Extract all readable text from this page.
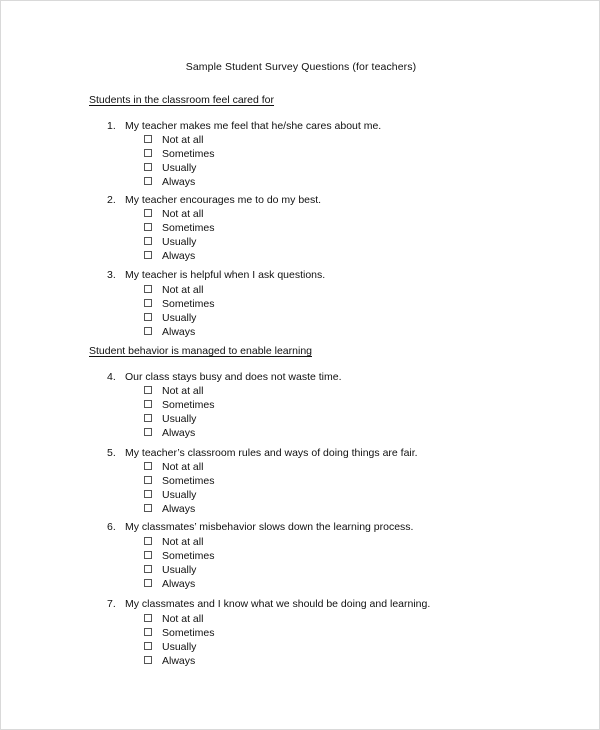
Sample Student Survey Questions (for teachers)
Students in the classroom feel cared for
1. My teacher makes me feel that he/she cares about me.
Not at all
Sometimes
Usually
Always
2. My teacher encourages me to do my best.
Not at all
Sometimes
Usually
Always
3. My teacher is helpful when I ask questions.
Not at all
Sometimes
Usually
Always
Student behavior is managed to enable learning
4. Our class stays busy and does not waste time.
Not at all
Sometimes
Usually
Always
5. My teacher’s classroom rules and ways of doing things are fair.
Not at all
Sometimes
Usually
Always
6. My classmates’ misbehavior slows down the learning process.
Not at all
Sometimes
Usually
Always
7. My classmates and I know what we should be doing and learning.
Not at all
Sometimes
Usually
Always
